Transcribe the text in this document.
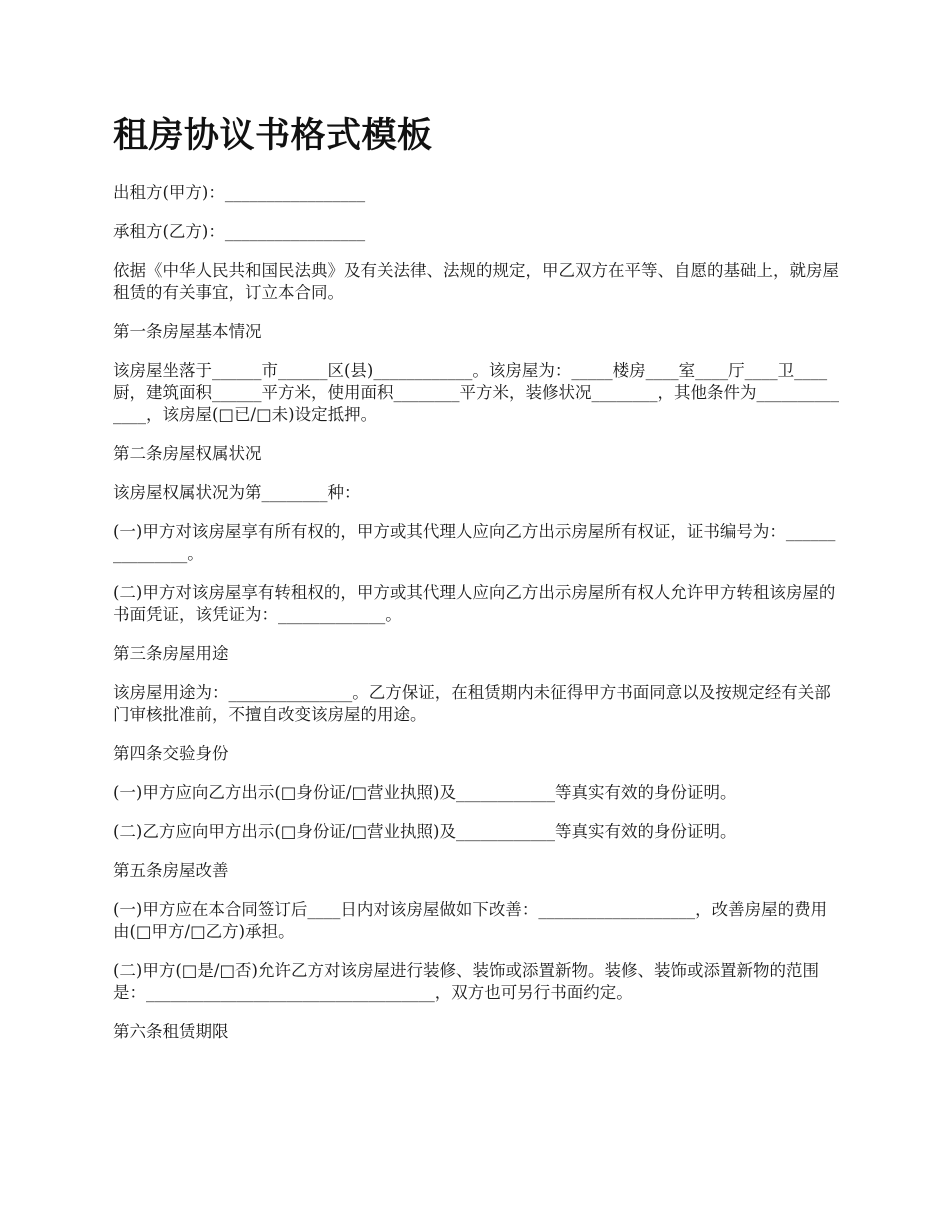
租房协议书格式模板

出租方(甲方)：_________________

承租方(乙方)：_________________

依据《中华人民共和国民法典》及有关法律、法规的规定，甲乙双方在平等、自愿的基础上，就房屋租赁的有关事宜，订立本合同。

第一条房屋基本情况

该房屋坐落于______市______区(县)____________。该房屋为：_____楼房____室____厅____卫____厨，建筑面积______平方米，使用面积________平方米，装修状况________，其他条件为______________，该房屋(□已/□未)设定抵押。

第二条房屋权属状况

该房屋权属状况为第________种：

(一)甲方对该房屋享有所有权的，甲方或其代理人应向乙方出示房屋所有权证，证书编号为：_______________。

(二)甲方对该房屋享有转租权的，甲方或其代理人应向乙方出示房屋所有权人允许甲方转租该房屋的书面凭证，该凭证为：_____________。

第三条房屋用途

该房屋用途为：_______________。乙方保证，在租赁期内未征得甲方书面同意以及按规定经有关部门审核批准前，不擅自改变该房屋的用途。

第四条交验身份

(一)甲方应向乙方出示(□身份证/□营业执照)及____________等真实有效的身份证明。

(二)乙方应向甲方出示(□身份证/□营业执照)及____________等真实有效的身份证明。

第五条房屋改善

(一)甲方应在本合同签订后____日内对该房屋做如下改善：___________________，改善房屋的费用由(□甲方/□乙方)承担。

(二)甲方(□是/□否)允许乙方对该房屋进行装修、装饰或添置新物。装修、装饰或添置新物的范围是：___________________________________，双方也可另行书面约定。

第六条租赁期限
